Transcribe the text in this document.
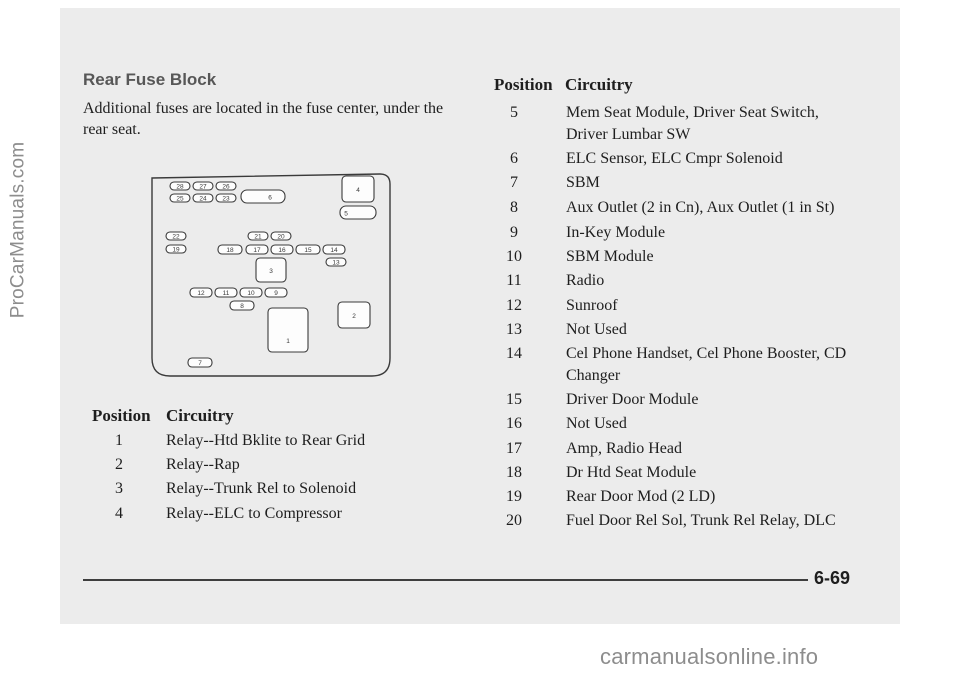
ProCarManuals.com
Rear Fuse Block

Additional fuses are located in the fuse center, under the rear seat.

28 27 26
25 24 23	6
4
5
22	21 20
19	18	17	16	15	14
3
13
12	11	10	9
8
2
1
7
Position Circuitry
1	Relay--Htd Bklite to Rear Grid
2	Relay--Rap
3	Relay--Trunk Rel to Solenoid
4	Relay--ELC to Compressor
Position Circuitry
5	Mem Seat Module, Driver Seat Switch, Driver Lumbar SW
6	ELC Sensor, ELC Cmpr Solenoid
7	SBM
8	Aux Outlet (2 in Cn), Aux Outlet (1 in St)
9	In-Key Module
10	SBM Module
11	Radio
12	Sunroof
13	Not Used
14	Cel Phone Handset, Cel Phone Booster, CD Changer
15	Driver Door Module
16	Not Used
17	Amp, Radio Head
18	Dr Htd Seat Module
19	Rear Door Mod (2 LD)
20	Fuel Door Rel Sol, Trunk Rel Relay, DLC
6-69
carmanualsonline.info
